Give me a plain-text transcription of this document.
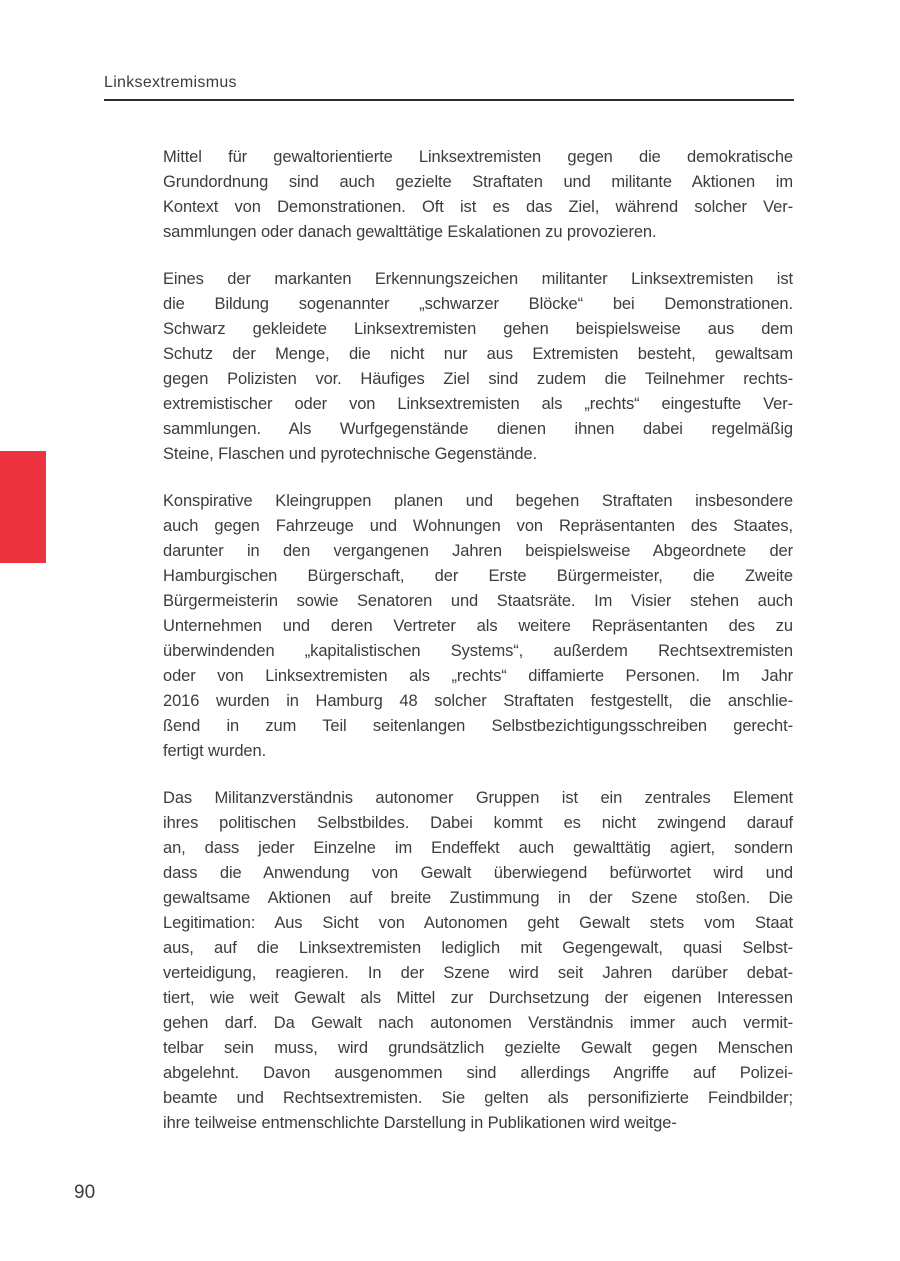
Linksextremismus
Mittel für gewaltorientierte Linksextremisten gegen die demokratische
Grundordnung sind auch gezielte Straftaten und militante Aktionen im
Kontext von Demonstrationen. Oft ist es das Ziel, während solcher Ver-
sammlungen oder danach gewalttätige Eskalationen zu provozieren.
Eines der markanten Erkennungszeichen militanter Linksextremisten ist
die Bildung sogenannter „schwarzer Blöcke“ bei Demonstrationen.
Schwarz gekleidete Linksextremisten gehen beispielsweise aus dem
Schutz der Menge, die nicht nur aus Extremisten besteht, gewaltsam
gegen Polizisten vor. Häufiges Ziel sind zudem die Teilnehmer rechts-
extremistischer oder von Linksextremisten als „rechts“ eingestufte Ver-
sammlungen. Als Wurfgegenstände dienen ihnen dabei regelmäßig
Steine, Flaschen und pyrotechnische Gegenstände.
Konspirative Kleingruppen planen und begehen Straftaten insbesondere
auch gegen Fahrzeuge und Wohnungen von Repräsentanten des Staates,
darunter in den vergangenen Jahren beispielsweise Abgeordnete der
Hamburgischen Bürgerschaft, der Erste Bürgermeister, die Zweite
Bürgermeisterin sowie Senatoren und Staatsräte. Im Visier stehen auch
Unternehmen und deren Vertreter als weitere Repräsentanten des zu
überwindenden „kapitalistischen Systems“, außerdem Rechtsextremisten
oder von Linksextremisten als „rechts“ diffamierte Personen. Im Jahr
2016 wurden in Hamburg 48 solcher Straftaten festgestellt, die anschlie-
ßend in zum Teil seitenlangen Selbstbezichtigungsschreiben gerecht-
fertigt wurden.
Das Militanzverständnis autonomer Gruppen ist ein zentrales Element
ihres politischen Selbstbildes. Dabei kommt es nicht zwingend darauf
an, dass jeder Einzelne im Endeffekt auch gewalttätig agiert, sondern
dass die Anwendung von Gewalt überwiegend befürwortet wird und
gewaltsame Aktionen auf breite Zustimmung in der Szene stoßen. Die
Legitimation: Aus Sicht von Autonomen geht Gewalt stets vom Staat
aus, auf die Linksextremisten lediglich mit Gegengewalt, quasi Selbst-
verteidigung, reagieren. In der Szene wird seit Jahren darüber debat-
tiert, wie weit Gewalt als Mittel zur Durchsetzung der eigenen Interessen
gehen darf. Da Gewalt nach autonomen Verständnis immer auch vermit-
telbar sein muss, wird grundsätzlich gezielte Gewalt gegen Menschen
abgelehnt. Davon ausgenommen sind allerdings Angriffe auf Polizei-
beamte und Rechtsextremisten. Sie gelten als personifizierte Feindbilder;
ihre teilweise entmenschlichte Darstellung in Publikationen wird weitge-
90
